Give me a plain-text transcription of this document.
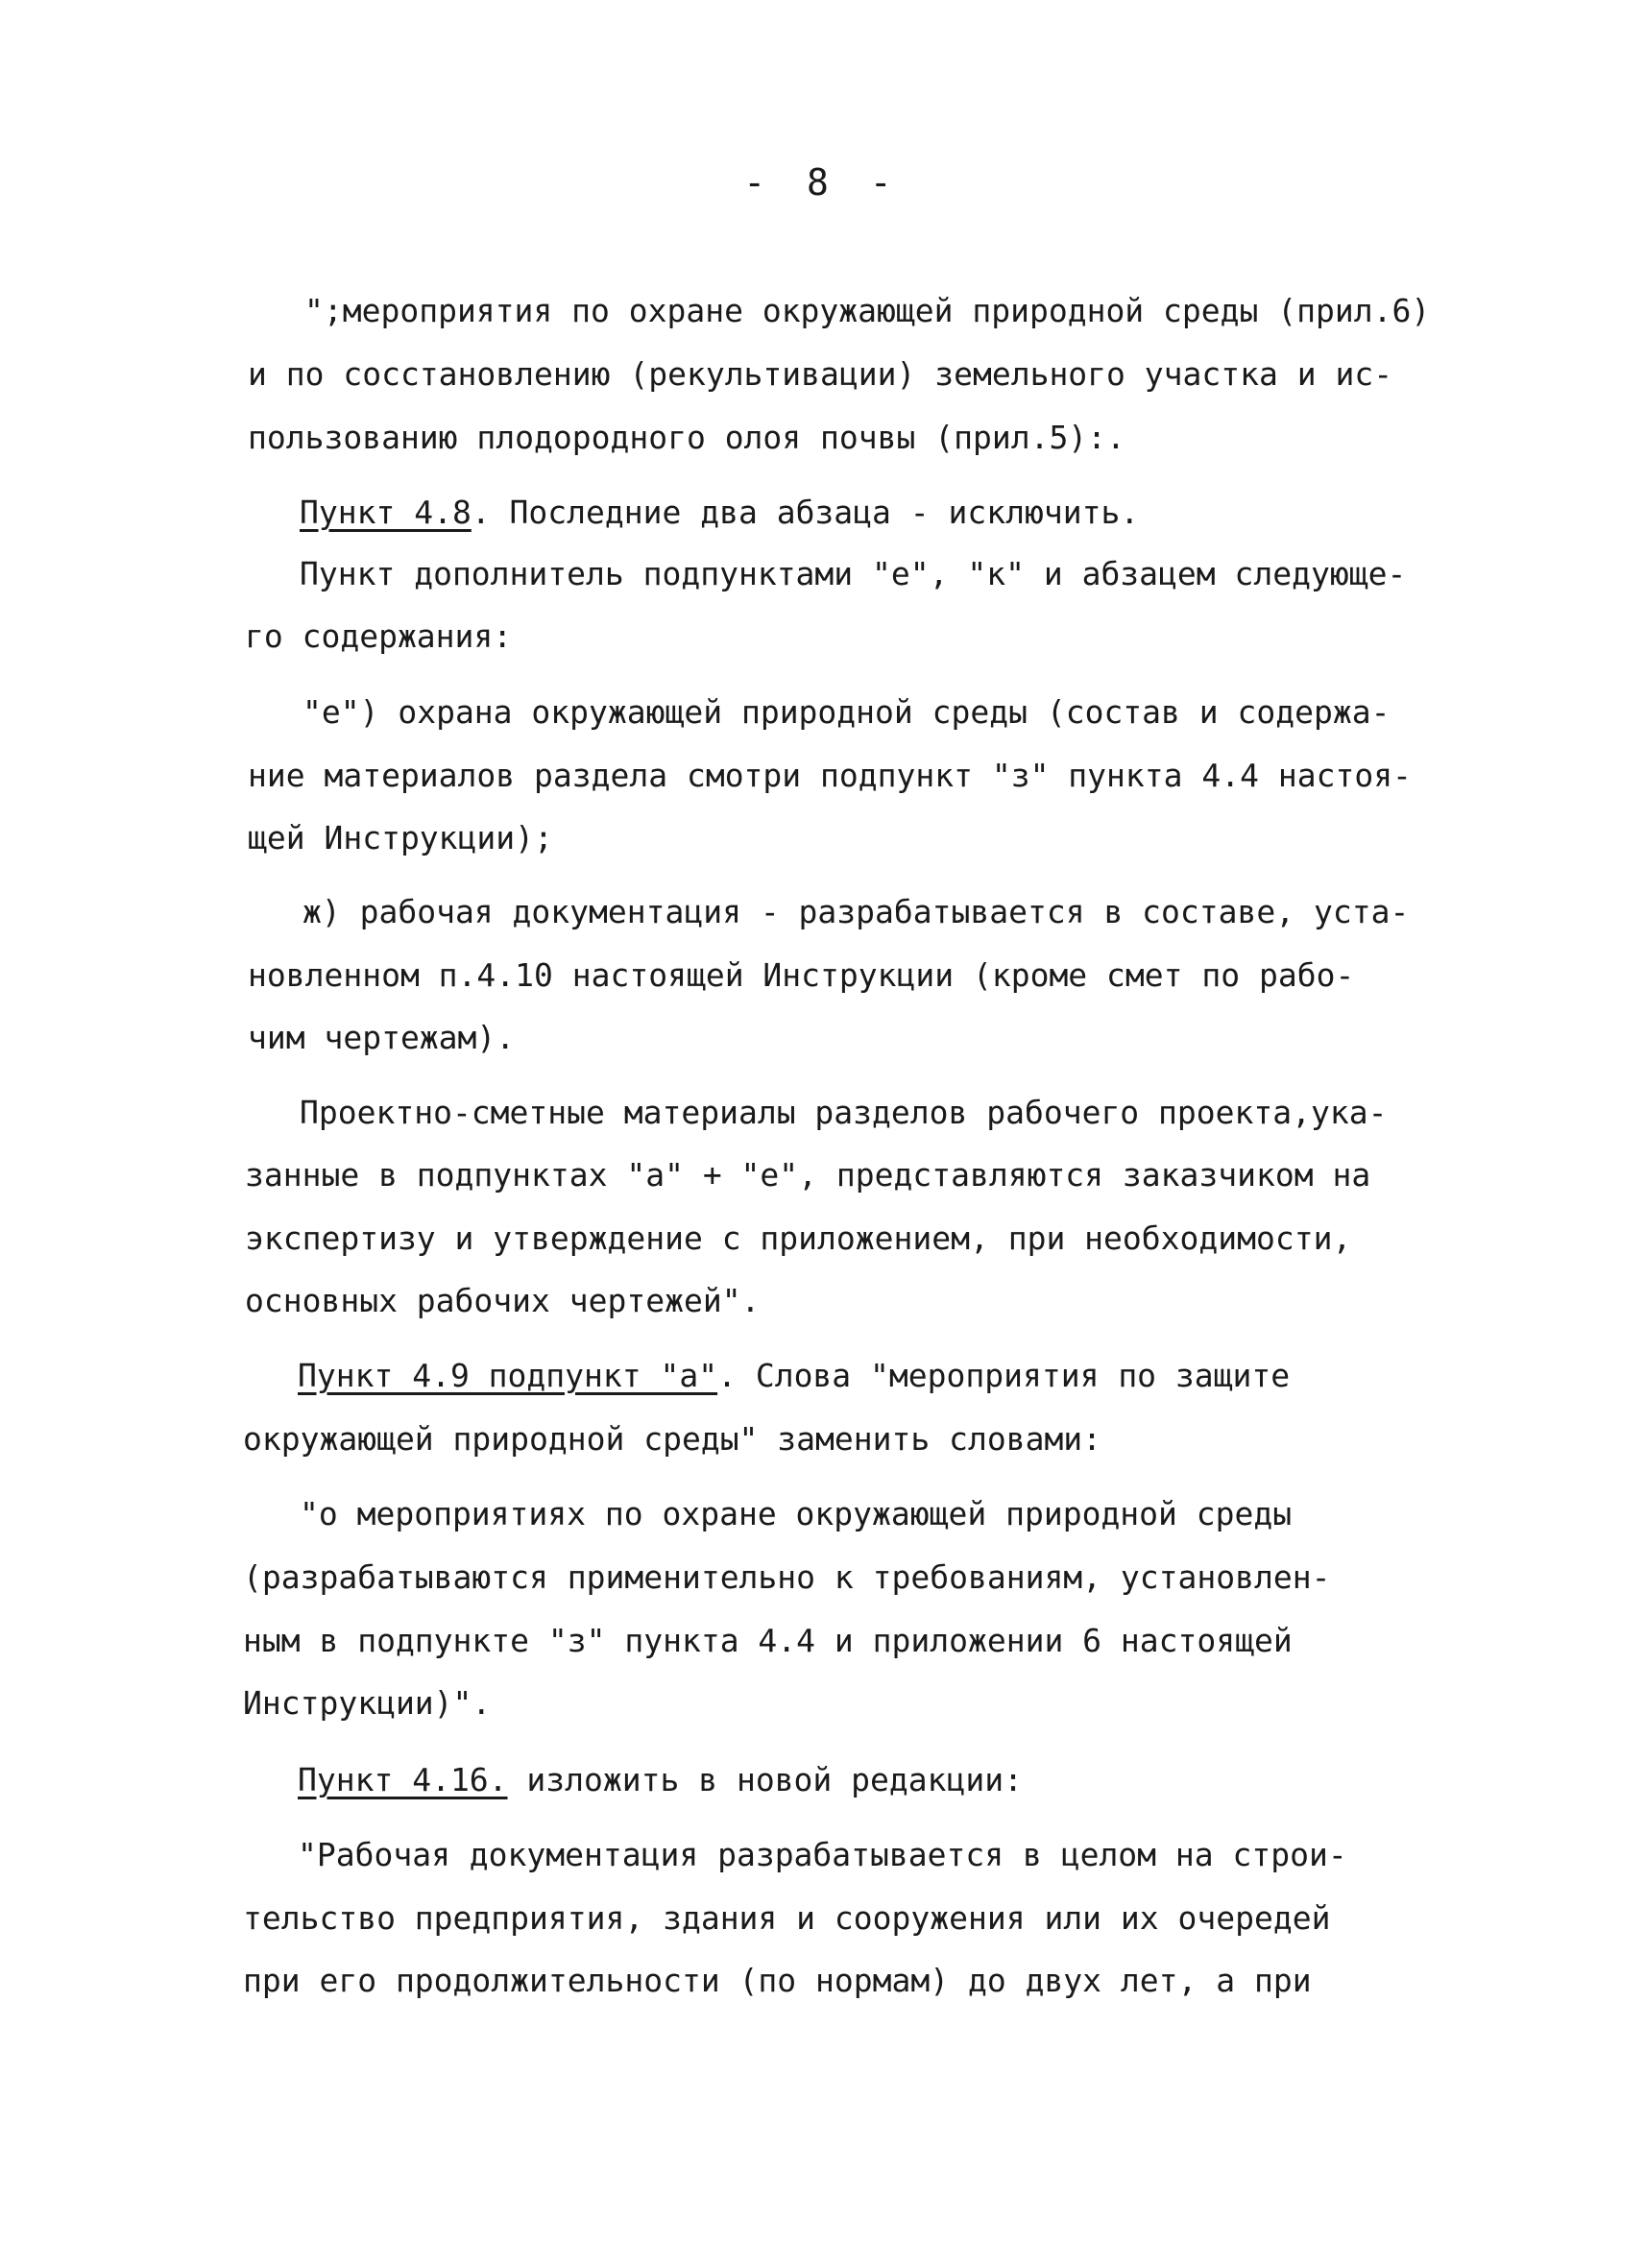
- 8 -
";мероприятия по охране окружающей природной среды (прил.6)
и по сосстановлению (рекультивации) земельного участка и ис-
пользованию плодородного олоя почвы (прил.5):.
Пункт 4.8. Последние два абзаца - исключить.
Пункт дополнитель подпунктами "е", "к" и абзацем следующе-
го содержания:
"е") охрана окружающей природной среды (состав и содержа-
ние материалов раздела смотри подпункт "з" пункта 4.4 настоя-
щей Инструкции);
ж) рабочая документация - разрабатывается в составе, уста-
новленном п.4.10 настоящей Инструкции (кроме смет по рабо-
чим чертежам).
Проектно-сметные материалы разделов рабочего проекта,ука-
занные в подпунктах "а" + "е", представляются заказчиком на
экспертизу и утверждение с приложением, при необходимости,
основных рабочих чертежей".
Пункт 4.9 подпункт "а". Слова "мероприятия по защите
окружающей природной среды" заменить словами:
"о мероприятиях по охране окружающей природной среды
(разрабатываются применительно к требованиям, установлен-
ным в подпункте "з" пункта 4.4 и приложении 6 настоящей
Инструкции)".
Пункт 4.16. изложить в новой редакции:
"Рабочая документация разрабатывается в целом на строи-
тельство предприятия, здания и сооружения или их очередей
при его продолжительности (по нормам) до двух лет, а при
